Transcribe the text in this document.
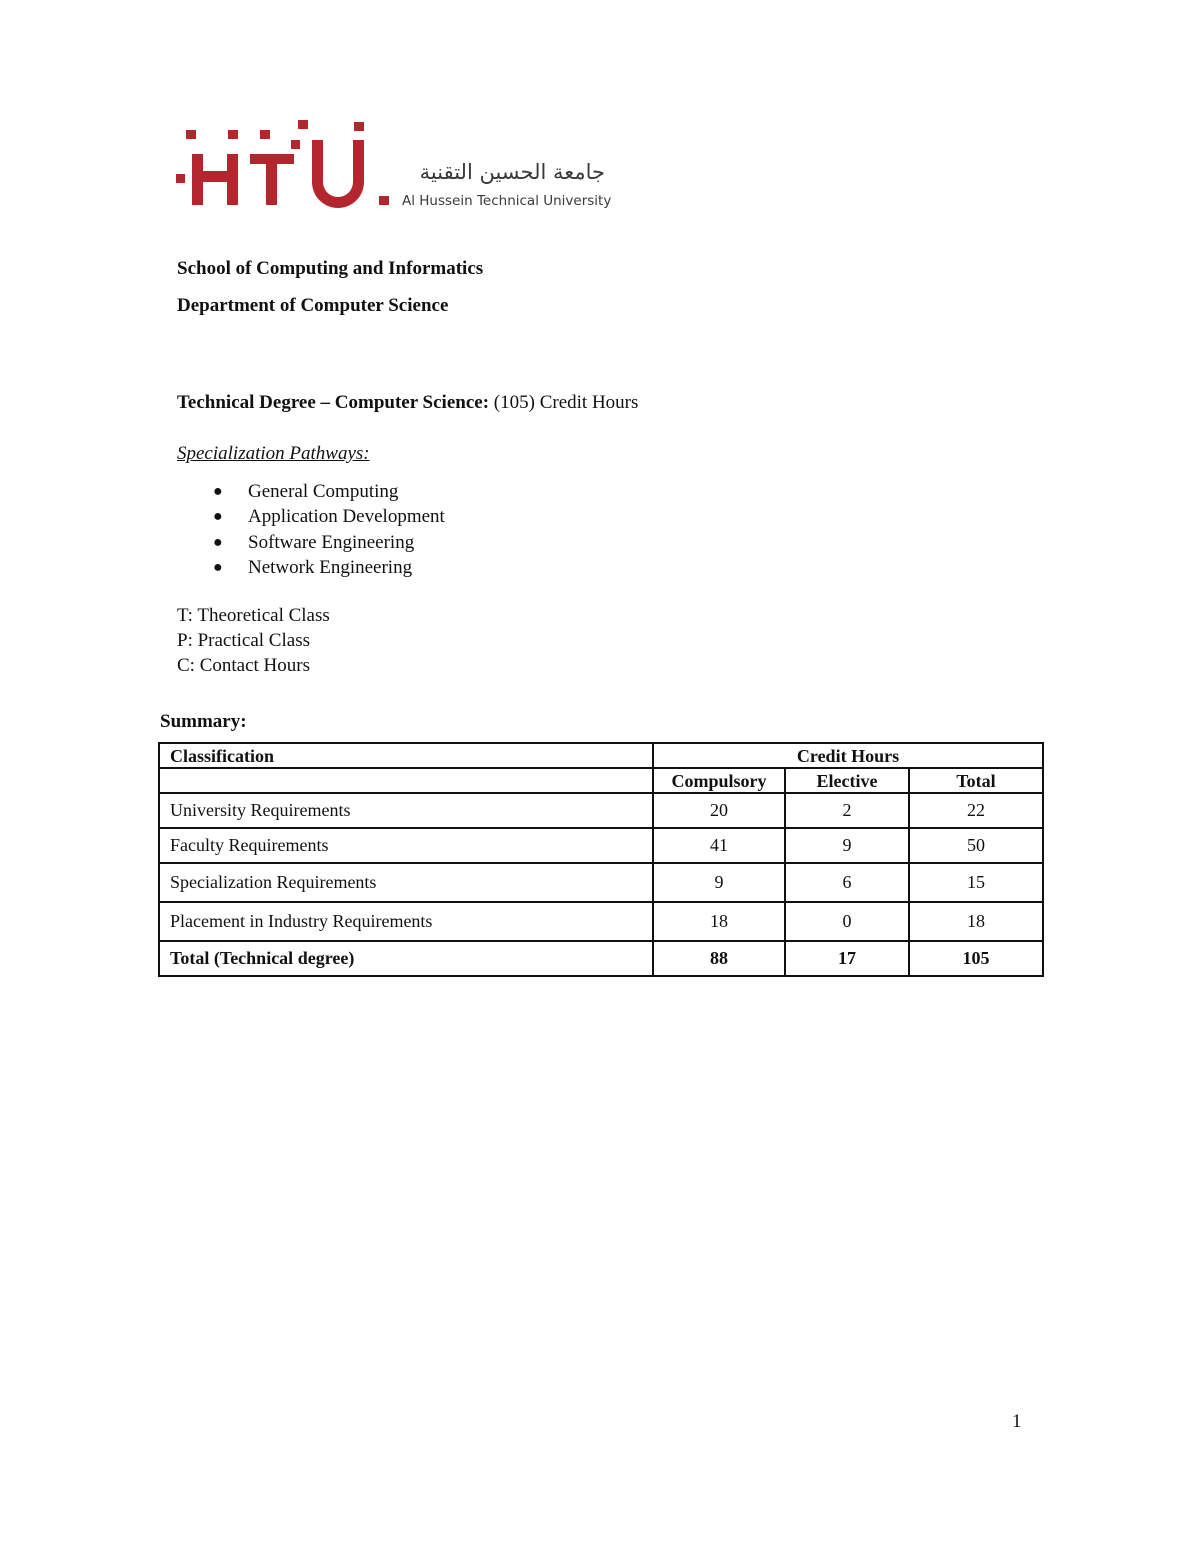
جامعة الحسين التقنية
Al Hussein Technical University
School of Computing and Informatics
Department of Computer Science
Technical Degree – Computer Science: (105) Credit Hours
Specialization Pathways:
● General Computing
● Application Development
● Software Engineering
● Network Engineering
T: Theoretical Class
P: Practical Class
C: Contact Hours
Summary:
Classification	Credit Hours		
	Compulsory	Elective	Total
University Requirements	20	2	22
Faculty Requirements	41	9	50
Specialization Requirements	9	6	15
Placement in Industry Requirements	18	0	18
Total (Technical degree)	88	17	105
1
